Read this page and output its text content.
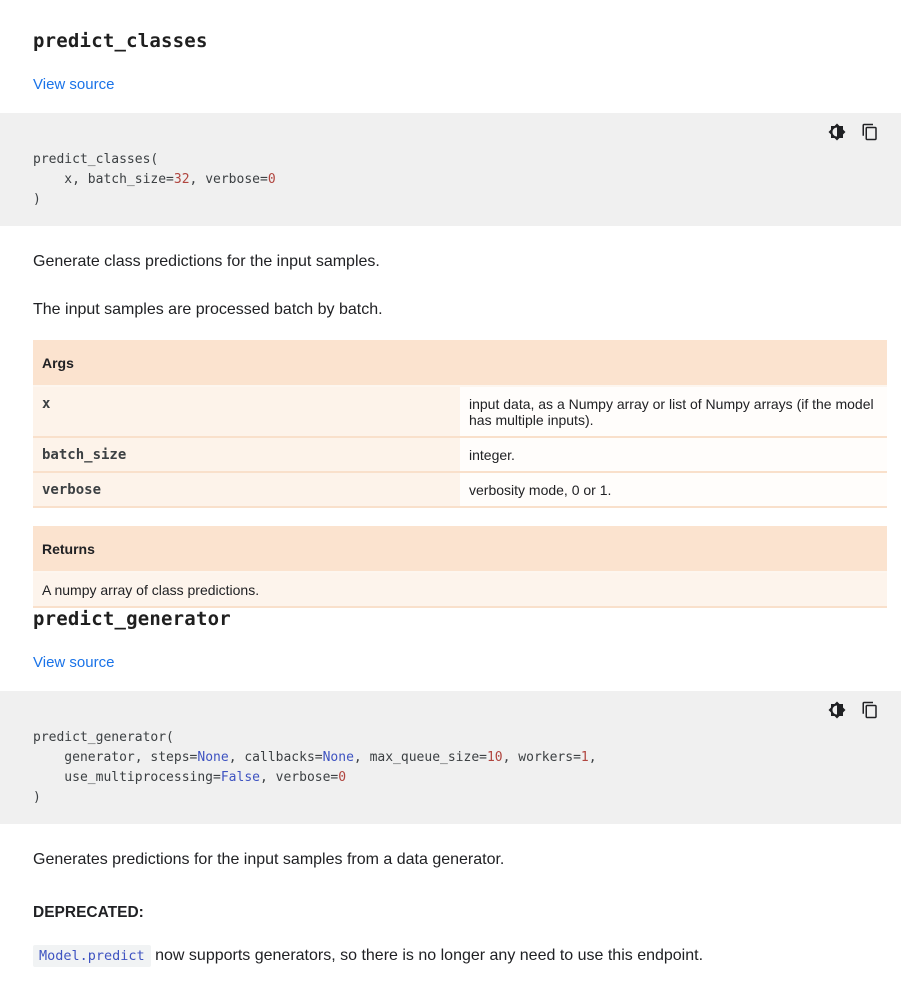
predict_classes
View source
predict_classes(
x, batch_size=32, verbose=0
)

Generate class predictions for the input samples.

The input samples are processed batch by batch.

Args	
x	input data, as a Numpy array or list of Numpy arrays (if the model has multiple inputs).
batch_size	integer.
verbose	verbosity mode, 0 or 1.
Returns
A numpy array of class predictions.
predict_generator
View source
predict_generator(
generator, steps=None, callbacks=None, max_queue_size=10, workers=1,
use_multiprocessing=False, verbose=0
)

Generates predictions for the input samples from a data generator.

DEPRECATED:

Model.predict now supports generators, so there is no longer any need to use this endpoint.
